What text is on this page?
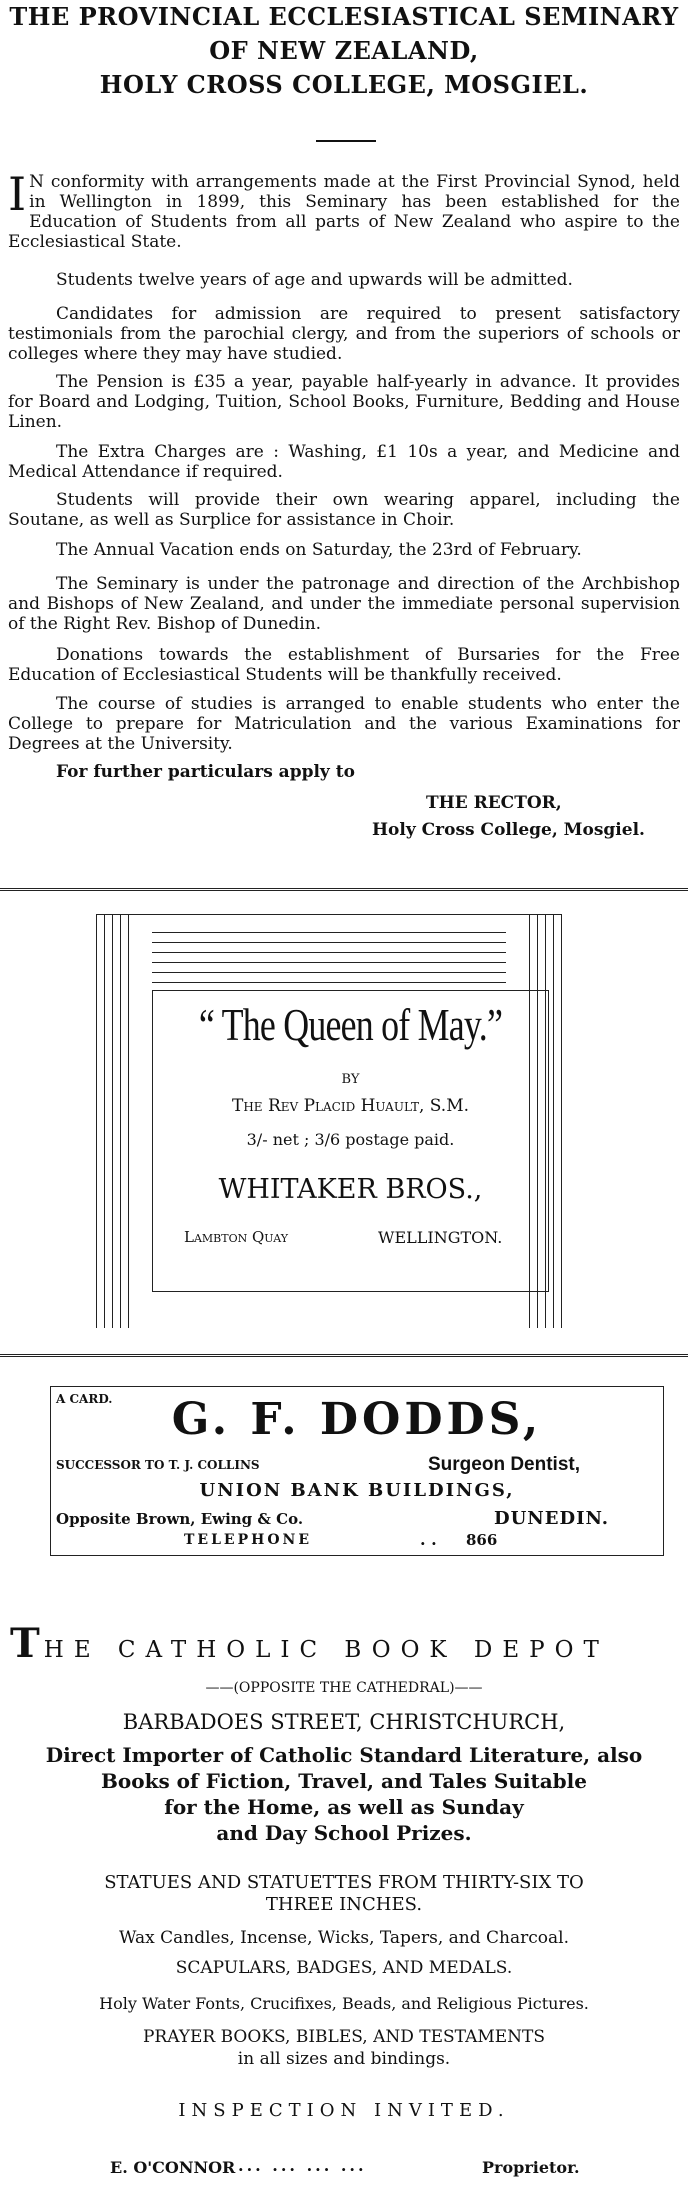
THE PROVINCIAL ECCLESIASTICAL SEMINARY
OF NEW ZEALAND,
HOLY CROSS COLLEGE, MOSGIEL.
I N conformity with arrangements made at the First Provincial Synod, held in Wellington in 1899, this Seminary has been established for the Education of Students from all parts of New Zealand who aspire to the Ecclesiastical State.
Students twelve years of age and upwards will be admitted.
Candidates for admission are required to present satisfactory testimonials from the parochial clergy, and from the superiors of schools or colleges where they may have studied.
The Pension is £35 a year, payable half-yearly in advance. It provides for Board and Lodging, Tuition, School Books, Furniture, Bedding and House Linen.
The Extra Charges are : Washing, £1 10s a year, and Medicine and Medical Attendance if required.
Students will provide their own wearing apparel, including the Soutane, as well as Surplice for assistance in Choir.
The Annual Vacation ends on Saturday, the 23rd of February.
The Seminary is under the patronage and direction of the Archbishop and Bishops of New Zealand, and under the immediate personal supervision of the Right Rev. Bishop of Dunedin.
Donations towards the establishment of Bursaries for the Free Education of Ecclesiastical Students will be thankfully received.
The course of studies is arranged to enable students who enter the College to prepare for Matriculation and the various Examinations for Degrees at the University.
For further particulars apply to
THE RECTOR,
Holy Cross College, Mosgiel.
“ The Queen of May.”
BY
The Rev Placid Huault, S.M.
3/- net ; 3/6 postage paid.
WHITAKER BROS.,
Lambton Quay	WELLINGTON.
A CARD.	G. F. DODDS,
SUCCESSOR TO T. J. COLLINS	Surgeon Dentist,
UNION BANK BUILDINGS,
Opposite Brown, Ewing & Co.	DUNEDIN.
TELEPHONE	. . 866
THE CATHOLIC BOOK DEPOT
——(OPPOSITE THE CATHEDRAL)——
BARBADOES STREET, CHRISTCHURCH,
Direct Importer of Catholic Standard Literature, also
Books of Fiction, Travel, and Tales Suitable
for the Home, as well as Sunday
and Day School Prizes.
STATUES AND STATUETTES FROM THIRTY-SIX TO
THREE INCHES.
Wax Candles, Incense, Wicks, Tapers, and Charcoal.
SCAPULARS, BADGES, AND MEDALS.
Holy Water Fonts, Crucifixes, Beads, and Religious Pictures.
PRAYER BOOKS, BIBLES, AND TESTAMENTS
in all sizes and bindings.
INSPECTION INVITED.
E. O'CONNOR ... ... ... ...	Proprietor.
